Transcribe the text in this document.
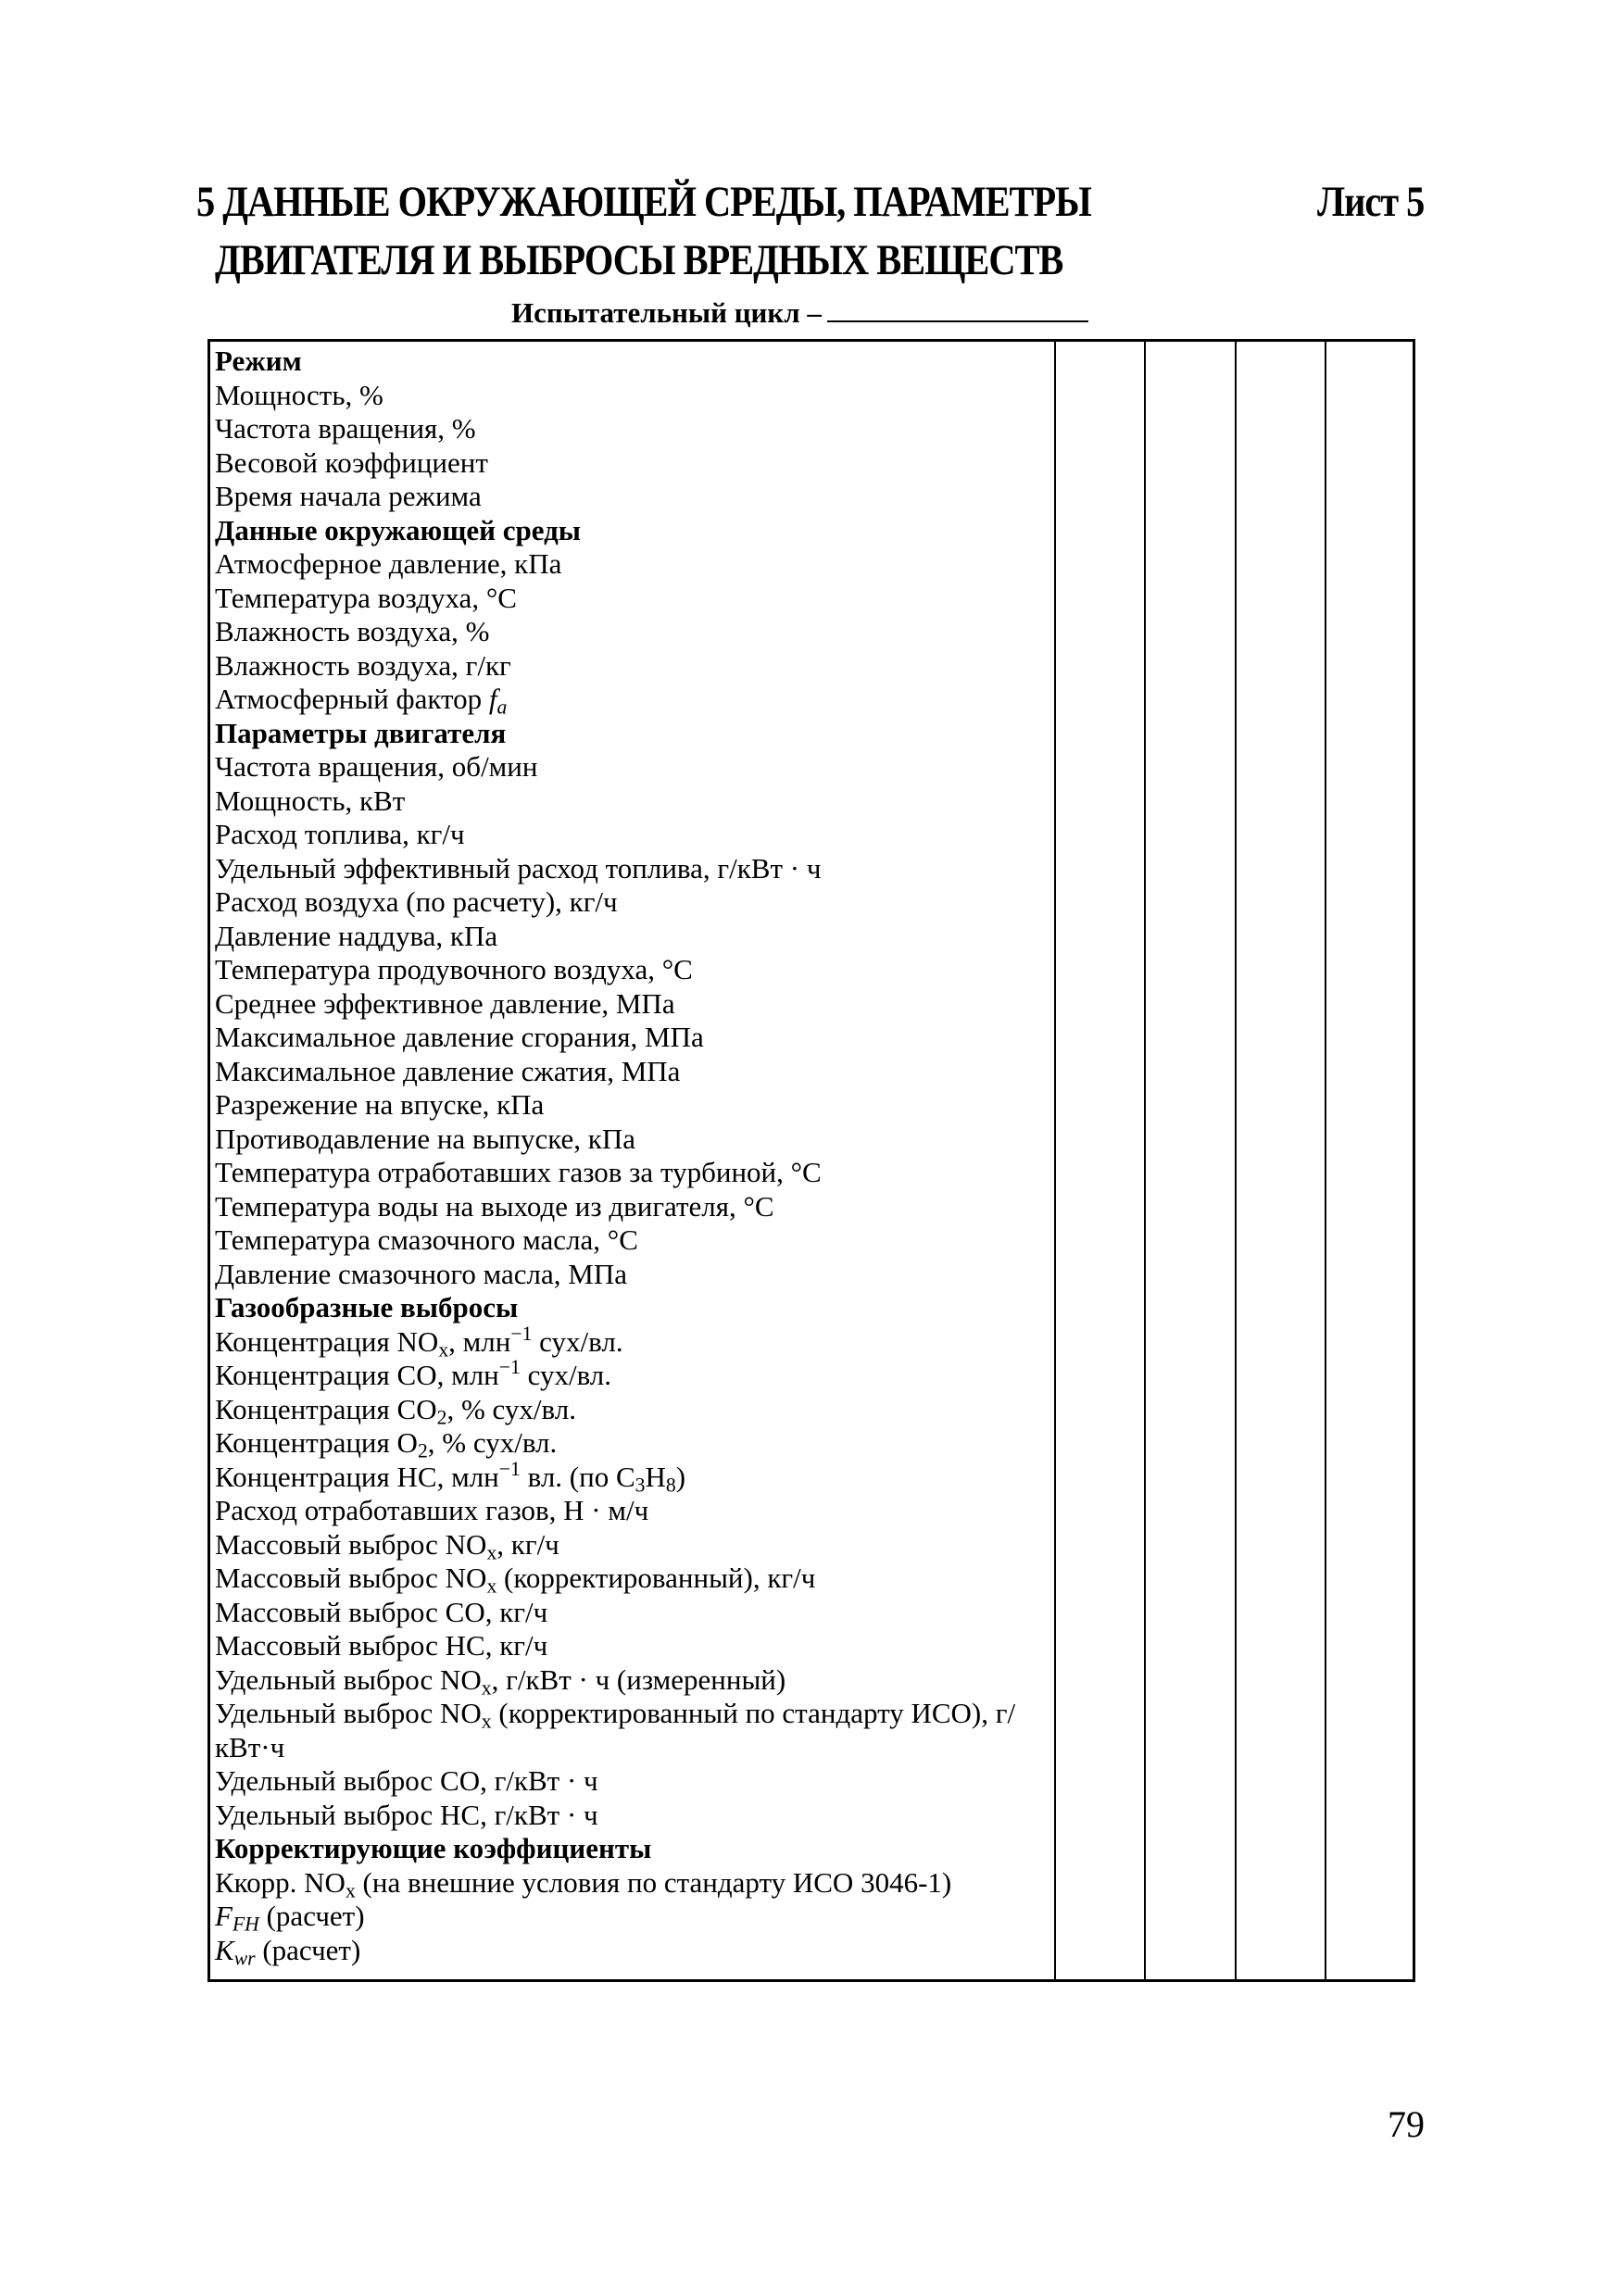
5 ДАННЫЕ ОКРУЖАЮЩЕЙ СРЕДЫ, ПАРАМЕТРЫ
ДВИГАТЕЛЯ И ВЫБРОСЫ ВРЕДНЫХ ВЕЩЕСТВ
Лист 5
Испытательный цикл –
Режим
Мощность, %
Частота вращения, %
Весовой коэффициент
Время начала режима
Данные окружающей среды
Атмосферное давление, кПа
Температура воздуха, °С
Влажность воздуха, %
Влажность воздуха, г/кг
Атмосферный фактор $f_a$
Параметры двигателя
Частота вращения, об/мин
Мощность, кВт
Расход топлива, кг/ч
Удельный эффективный расход топлива, г/кВт · ч
Расход воздуха (по расчету), кг/ч
Давление наддува, кПа
Температура продувочного воздуха, °С
Среднее эффективное давление, МПа
Максимальное давление сгорания, МПа
Максимальное давление сжатия, МПа
Разрежение на впуске, кПа
Противодавление на выпуске, кПа
Температура отработавших газов за турбиной, °С
Температура воды на выходе из двигателя, °С
Температура смазочного масла, °С
Давление смазочного масла, МПа
Газообразные выбросы
Концентрация $NO_x$, млн$^{-1}$ сух/вл.
Концентрация СО, млн$^{-1}$ сух/вл.
Концентрация $СО_2$, % сух/вл.
Концентрация $О_2$, % сух/вл.
Концентрация НС, млн$^{-1}$ вл. (по $С_3Н_8$)
Расход отработавших газов, Н · м/ч
Массовый выброс $NO_x$, кг/ч
Массовый выброс $NO_x$ (корректированный), кг/ч
Массовый выброс СО, кг/ч
Массовый выброс НС, кг/ч
Удельный выброс $NO_x$, г/кВт · ч (измеренный)
Удельный выброс $NO_x$ (корректированный по стандарту ИСО), г/кВт·ч
Удельный выброс СО, г/кВт · ч
Удельный выброс НС, г/кВт · ч
Корректирующие коэффициенты
Ккорр. $NO_x$ (на внешние условия по стандарту ИСО 3046-1)
$F_{FH}$ (расчет)
$K_{wr}$ (расчет)
79
